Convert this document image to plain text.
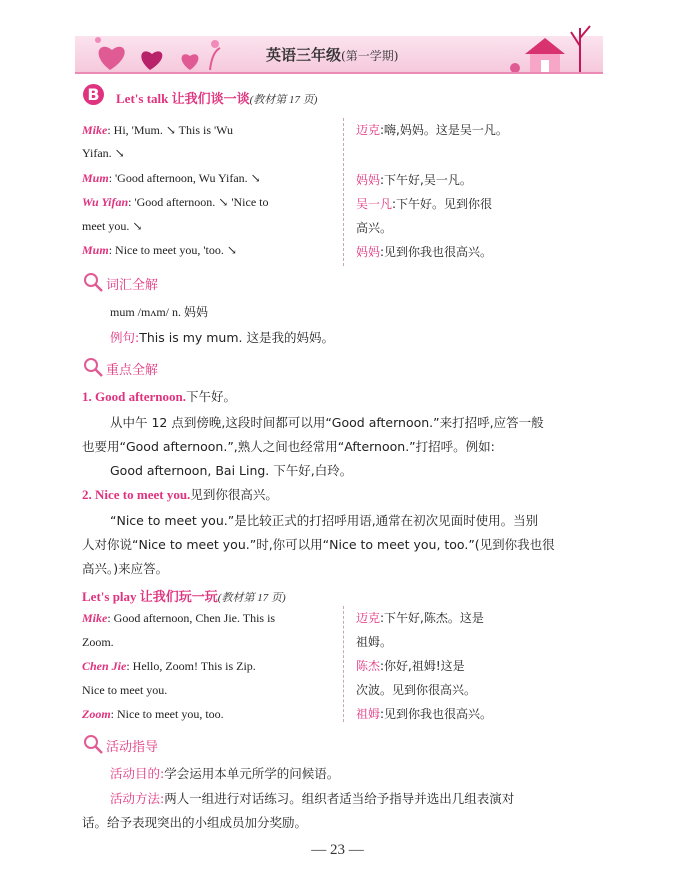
英语三年级(第一学期)
B	Let's talk 让我们谈一谈(教材第 17 页)
Mike: Hi, 'Mum. ↘ This is 'Wu
Yifan. ↘
Mum: 'Good afternoon, Wu Yifan. ↘
Wu Yifan: 'Good afternoon. ↘ 'Nice to
meet you. ↘
Mum: Nice to meet you, 'too. ↘
迈克:嗨,妈妈。这是吴一凡。
妈妈:下午好,吴一凡。
吴一凡:下午好。见到你很
高兴。
妈妈:见到你我也很高兴。
词汇全解
mum /mʌm/ n. 妈妈
例句:This is my mum. 这是我的妈妈。
重点全解
1. Good afternoon.下午好。
从中午 12 点到傍晚,这段时间都可以用“Good afternoon.”来打招呼,应答一般
也要用“Good afternoon.”,熟人之间也经常用“Afternoon.”打招呼。例如:
Good afternoon, Bai Ling. 下午好,白玲。
2. Nice to meet you.见到你很高兴。
“Nice to meet you.”是比较正式的打招呼用语,通常在初次见面时使用。当别
人对你说“Nice to meet you.”时,你可以用“Nice to meet you, too.”(见到你我也很
高兴。)来应答。
Let's play 让我们玩一玩(教材第 17 页)
Mike: Good afternoon, Chen Jie. This is
Zoom.
Chen Jie: Hello, Zoom! This is Zip.
Nice to meet you.
Zoom: Nice to meet you, too.
迈克:下午好,陈杰。这是
祖姆。
陈杰:你好,祖姆!这是
次波。见到你很高兴。
祖姆:见到你我也很高兴。
活动指导
活动目的:学会运用本单元所学的问候语。
活动方法:两人一组进行对话练习。组织者适当给予指导并选出几组表演对
话。给予表现突出的小组成员加分奖励。
— 23 —
